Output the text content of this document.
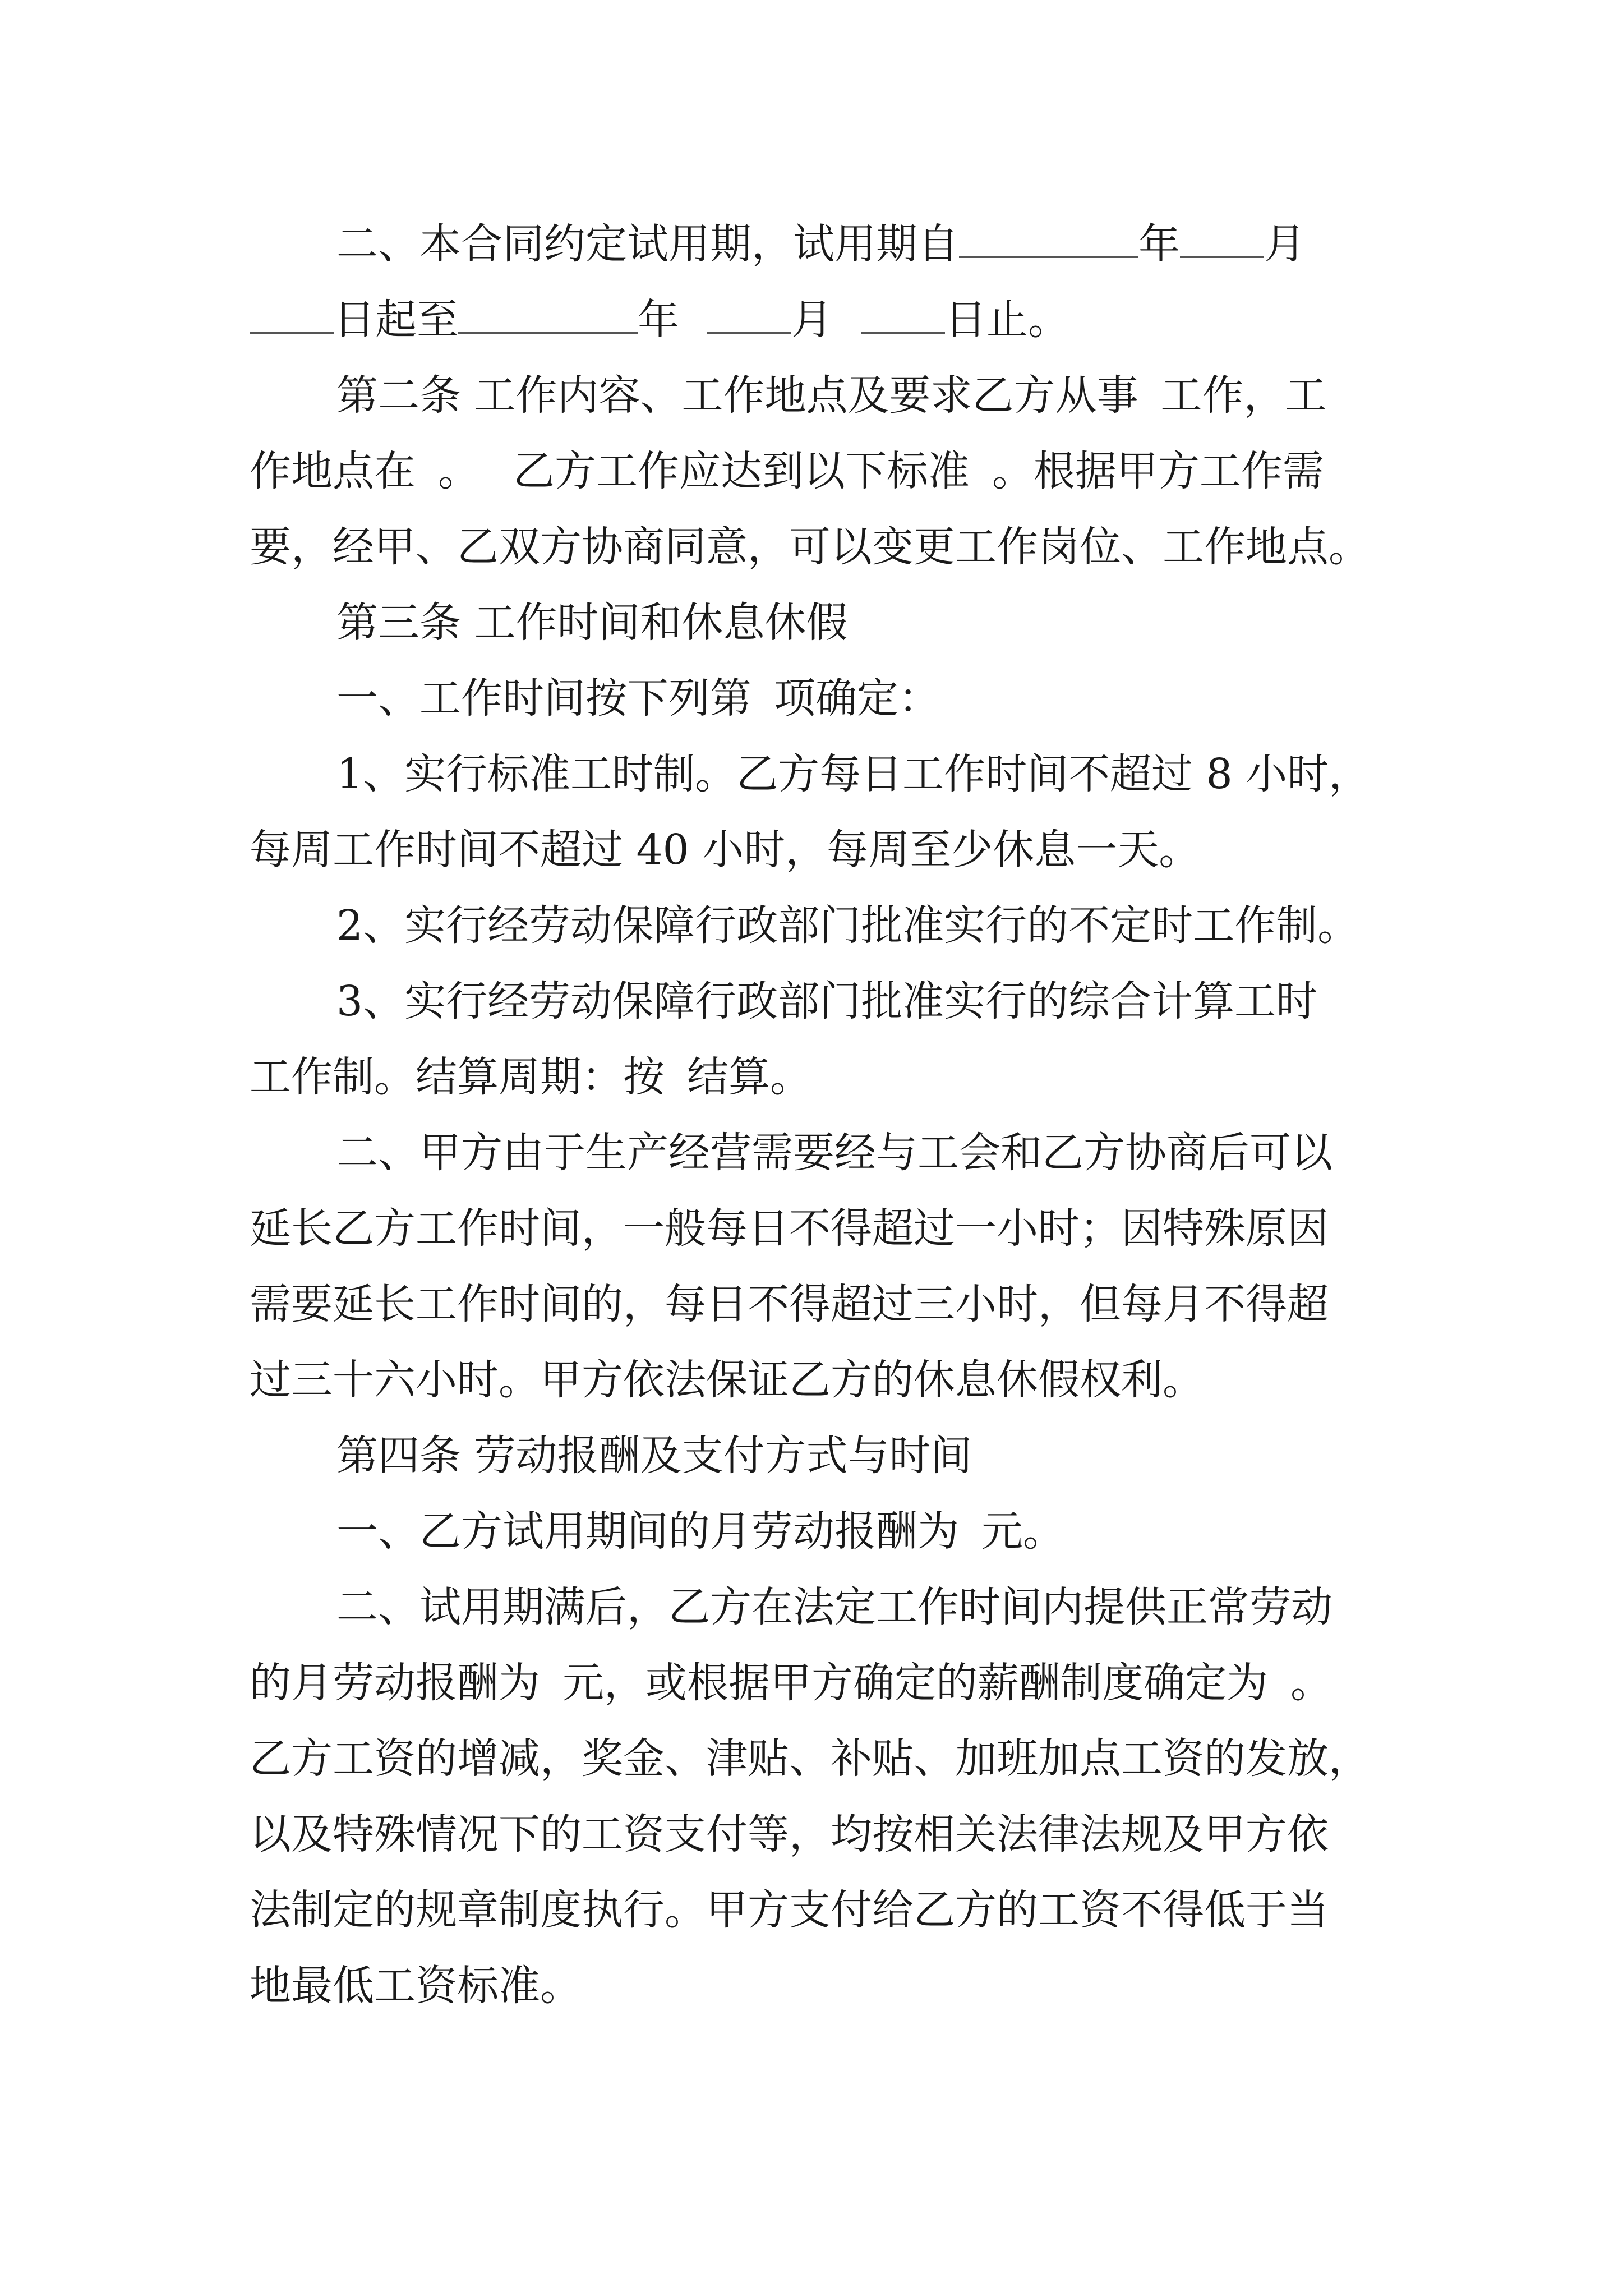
二、本合同约定试用期，试用期自	年 月
日起至	年	月	日止。
第二条 工作内容、工作地点及要求乙方从事 工作，工
作地点在 。 乙方工作应达到以下标准 。根据甲方工作需
要，经甲、乙双方协商同意，可以变更工作岗位、工作地点。
第三条 工作时间和休息休假
一、工作时间按下列第 项确定：
1、实行标准工时制。乙方每日工作时间不超过 8 小时，
每周工作时间不超过 40 小时，每周至少休息一天。
2、实行经劳动保障行政部门批准实行的不定时工作制。
3、实行经劳动保障行政部门批准实行的综合计算工时
工作制。结算周期：按 结算。
二、甲方由于生产经营需要经与工会和乙方协商后可以
延长乙方工作时间，一般每日不得超过一小时；因特殊原因
需要延长工作时间的，每日不得超过三小时，但每月不得超
过三十六小时。甲方依法保证乙方的休息休假权利。
第四条 劳动报酬及支付方式与时间
一、乙方试用期间的月劳动报酬为 元。
二、试用期满后，乙方在法定工作时间内提供正常劳动
的月劳动报酬为 元，或根据甲方确定的薪酬制度确定为 。
乙方工资的增减，奖金、津贴、补贴、加班加点工资的发放，
以及特殊情况下的工资支付等，均按相关法律法规及甲方依
法制定的规章制度执行。甲方支付给乙方的工资不得低于当
地最低工资标准。
